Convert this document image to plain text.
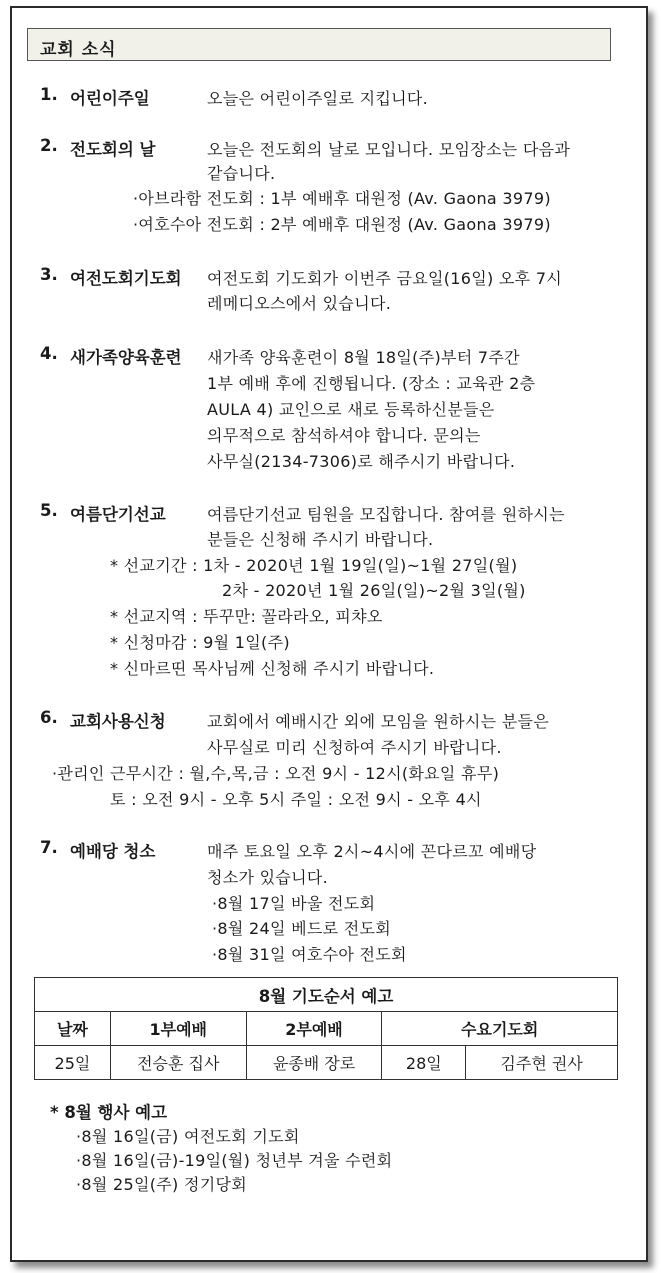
교회 소식
1. 어린이주일	오늘은 어린이주일로 지킵니다.
2. 전도회의 날	오늘은 전도회의 날로 모입니다. 모임장소는 다음과
같습니다.
·아브라함 전도회 : 1부 예배후 대원정 (Av. Gaona 3979)
·여호수아 전도회 : 2부 예배후 대원정 (Av. Gaona 3979)
3. 여전도회기도회 여전도회 기도회가 이번주 금요일(16일) 오후 7시
레메디오스에서 있습니다.
4. 새가족양육훈련 새가족 양육훈련이 8월 18일(주)부터 7주간
1부 예배 후에 진행됩니다. (장소 : 교육관 2층
AULA 4) 교인으로 새로 등록하신분들은
의무적으로 참석하셔야 합니다. 문의는
사무실(2134-7306)로 해주시기 바랍니다.
5. 여름단기선교	여름단기선교 팀원을 모집합니다. 참여를 원하시는
분들은 신청해 주시기 바랍니다.
* 선교기간 : 1차 - 2020년 1월 19일(일)~1월 27일(월)
2차 - 2020년 1월 26일(일)~2월 3일(월)
* 선교지역 : 뚜꾸만: 꼴라라오, 피챠오
* 신청마감 : 9월 1일(주)
* 신마르띤 목사님께 신청해 주시기 바랍니다.
6. 교회사용신청	교회에서 예배시간 외에 모임을 원하시는 분들은
사무실로 미리 신청하여 주시기 바랍니다.
·관리인 근무시간 : 월,수,목,금 : 오전 9시 - 12시(화요일 휴무)
토 : 오전 9시 - 오후 5시 주일 : 오전 9시 - 오후 4시
7. 예배당 청소	매주 토요일 오후 2시~4시에 꼰다르꼬 예배당
청소가 있습니다.
·8월 17일 바울 전도회
·8월 24일 베드로 전도회
·8월 31일 여호수아 전도회
8월 기도순서 예고				
날짜	1부예배	2부예배	수요기도회	
25일	전승훈 집사	윤종배 장로	28일	김주현 권사
* 8월 행사 예고
·8월 16일(금) 여전도회 기도회
·8월 16일(금)-19일(월) 청년부 겨울 수련회
·8월 25일(주) 정기당회
